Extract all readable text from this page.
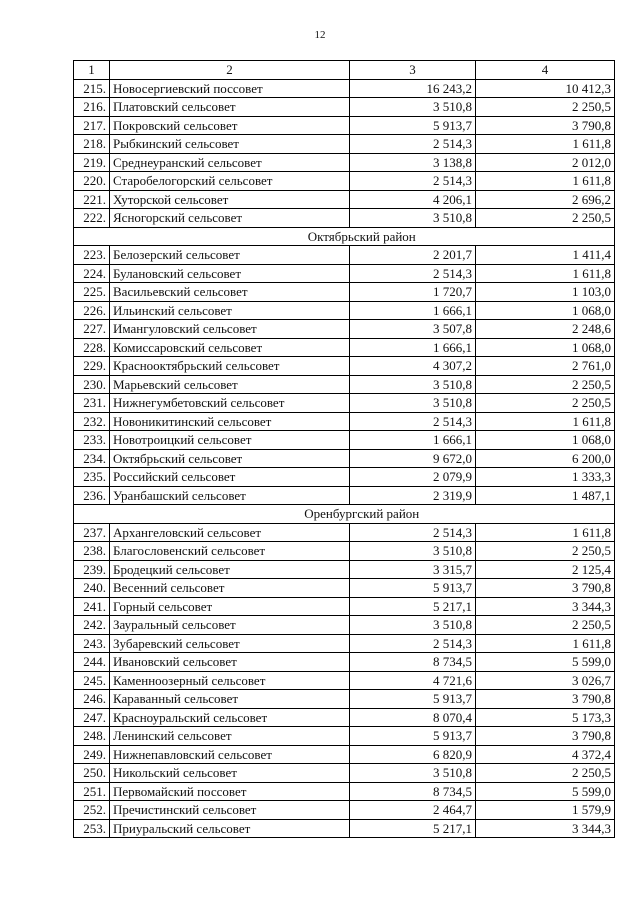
12
1	2	3	4
215.	Новосергиевский поссовет	16 243,2	10 412,3
216.	Платовский сельсовет	3 510,8	2 250,5
217.	Покровский сельсовет	5 913,7	3 790,8
218.	Рыбкинский сельсовет	2 514,3	1 611,8
219.	Среднеуранский сельсовет	3 138,8	2 012,0
220.	Старобелогорский сельсовет	2 514,3	1 611,8
221.	Хуторской сельсовет	4 206,1	2 696,2
222.	Ясногорский сельсовет	3 510,8	2 250,5
	Октябрьский район		
223.	Белозерский сельсовет	2 201,7	1 411,4
224.	Булановский сельсовет	2 514,3	1 611,8
225.	Васильевский сельсовет	1 720,7	1 103,0
226.	Ильинский сельсовет	1 666,1	1 068,0
227.	Имангуловский сельсовет	3 507,8	2 248,6
228.	Комиссаровский сельсовет	1 666,1	1 068,0
229.	Краснооктябрьский сельсовет	4 307,2	2 761,0
230.	Марьевский сельсовет	3 510,8	2 250,5
231.	Нижнегумбетовский сельсовет	3 510,8	2 250,5
232.	Новоникитинский сельсовет	2 514,3	1 611,8
233.	Новотроицкий сельсовет	1 666,1	1 068,0
234.	Октябрьский сельсовет	9 672,0	6 200,0
235.	Российский сельсовет	2 079,9	1 333,3
236.	Уранбашский сельсовет	2 319,9	1 487,1
	Оренбургский район		
237.	Архангеловский сельсовет	2 514,3	1 611,8
238.	Благословенский сельсовет	3 510,8	2 250,5
239.	Бродецкий сельсовет	3 315,7	2 125,4
240.	Весенний сельсовет	5 913,7	3 790,8
241.	Горный сельсовет	5 217,1	3 344,3
242.	Зауральный сельсовет	3 510,8	2 250,5
243.	Зубаревский сельсовет	2 514,3	1 611,8
244.	Ивановский сельсовет	8 734,5	5 599,0
245.	Каменноозерный сельсовет	4 721,6	3 026,7
246.	Караванный сельсовет	5 913,7	3 790,8
247.	Красноуральский сельсовет	8 070,4	5 173,3
248.	Ленинский сельсовет	5 913,7	3 790,8
249.	Нижнепавловский сельсовет	6 820,9	4 372,4
250.	Никольский сельсовет	3 510,8	2 250,5
251.	Первомайский поссовет	8 734,5	5 599,0
252.	Пречистинский сельсовет	2 464,7	1 579,9
253.	Приуральский сельсовет	5 217,1	3 344,3
